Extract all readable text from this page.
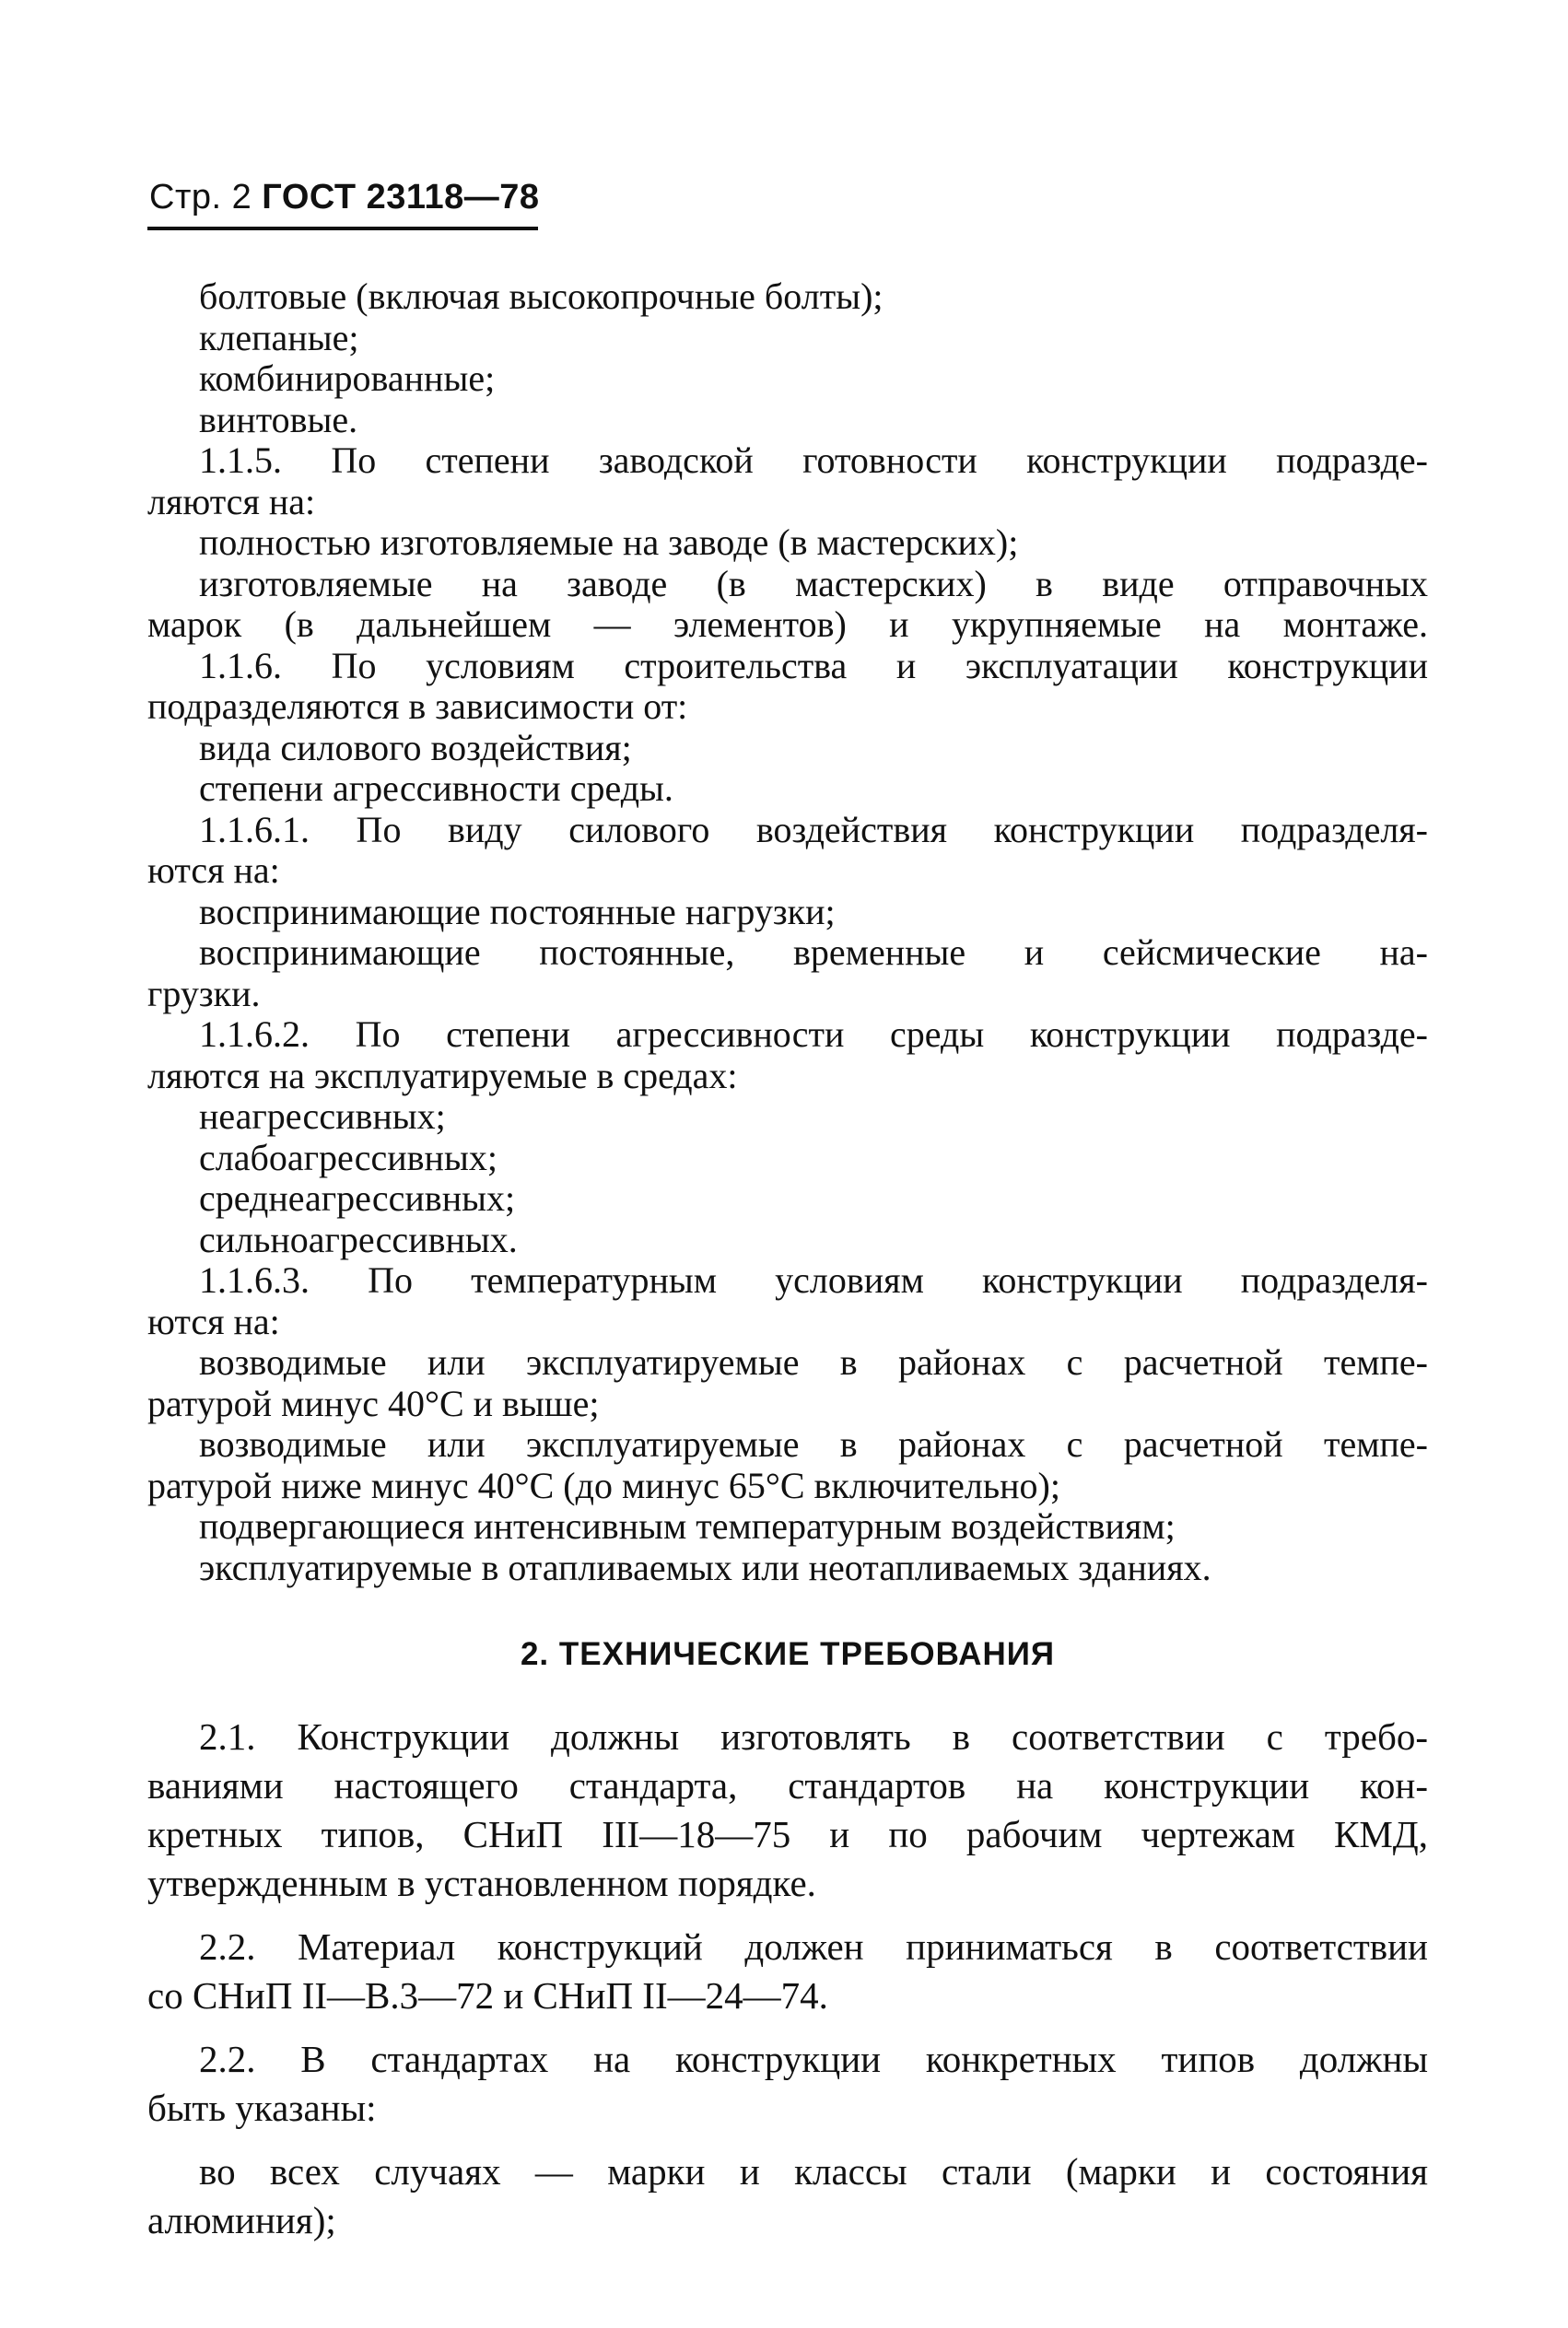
Стр. 2 ГОСТ 23118—78
болтовые (включая высокопрочные болты);
клепаные;
комбинированные;
винтовые.
1.1.5. По степени заводской готовности конструкции подразде-
ляются на:
полностью изготовляемые на заводе (в мастерских);
изготовляемые на заводе (в мастерских) в виде отправочных
марок (в дальнейшем — элементов) и укрупняемые на монтаже.
1.1.6. По условиям строительства и эксплуатации конструкции
подразделяются в зависимости от:
вида силового воздействия;
степени агрессивности среды.
1.1.6.1. По виду силового воздействия конструкции подразделя-
ются на:
воспринимающие постоянные нагрузки;
воспринимающие постоянные, временные и сейсмические на-
грузки.
1.1.6.2. По степени агрессивности среды конструкции подразде-
ляются на эксплуатируемые в средах:
неагрессивных;
слабоагрессивных;
среднеагрессивных;
сильноагрессивных.
1.1.6.3. По температурным условиям конструкции подразделя-
ются на:
возводимые или эксплуатируемые в районах с расчетной темпе-
ратурой минус 40°С и выше;
возводимые или эксплуатируемые в районах с расчетной темпе-
ратурой ниже минус 40°С (до минус 65°С включительно);
подвергающиеся интенсивным температурным воздействиям;
эксплуатируемые в отапливаемых или неотапливаемых зданиях.
2. ТЕХНИЧЕСКИЕ ТРЕБОВАНИЯ
2.1. Конструкции должны изготовлять в соответствии с требо-
ваниями настоящего стандарта, стандартов на конструкции кон-
кретных типов, СНиП III—18—75 и по рабочим чертежам КМД,
утвержденным в установленном порядке.
2.2. Материал конструкций должен приниматься в соответствии
со СНиП II—В.3—72 и СНиП II—24—74.
2.2. В стандартах на конструкции конкретных типов должны
быть указаны:
во всех случаях — марки и классы стали (марки и состояния
алюминия);
